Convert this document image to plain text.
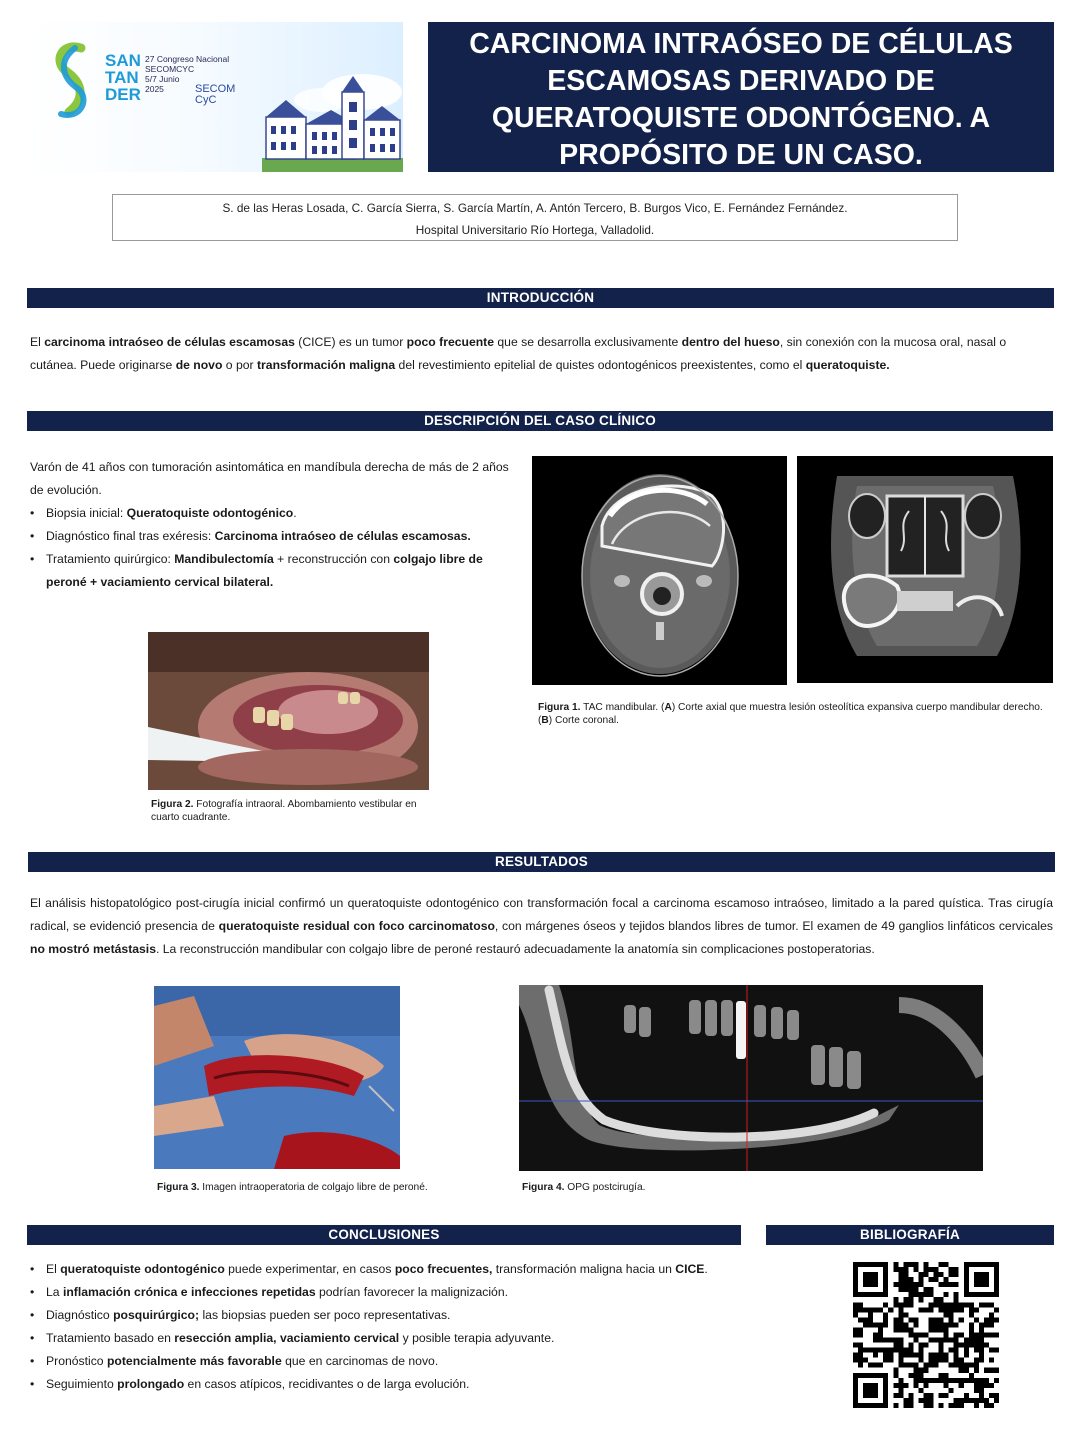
SAN
TAN
DER
27 Congreso Nacional
SECOMCYC
5/7 Junio
2025	SECOM
CyC
CARCINOMA INTRAÓSEO DE CÉLULAS ESCAMOSAS DERIVADO DE QUERATOQUISTE ODONTÓGENO. A PROPÓSITO DE UN CASO.
S. de las Heras Losada, C. García Sierra, S. García Martín, A. Antón Tercero, B. Burgos Vico, E. Fernández Fernández.
Hospital Universitario Río Hortega, Valladolid.
INTRODUCCIÓN
El carcinoma intraóseo de células escamosas (CICE) es un tumor poco frecuente que se desarrolla exclusivamente dentro del hueso, sin conexión con la mucosa oral, nasal o cutánea. Puede originarse de novo o por transformación maligna del revestimiento epitelial de quistes odontogénicos preexistentes, como el queratoquiste.
DESCRIPCIÓN DEL CASO CLÍNICO
Varón de 41 años con tumoración asintomática en mandíbula derecha de más de 2 años de evolución.
• Biopsia inicial: Queratoquiste odontogénico.
• Diagnóstico final tras exéresis: Carcinoma intraóseo de células escamosas.
• Tratamiento quirúrgico: Mandibulectomía + reconstrucción con colgajo libre de peroné + vaciamiento cervical bilateral.
Figura 1. TAC mandibular. (A) Corte axial que muestra lesión osteolítica expansiva cuerpo mandibular derecho. (B) Corte coronal.
Figura 2. Fotografía intraoral. Abombamiento vestibular en cuarto cuadrante.
RESULTADOS
El análisis histopatológico post-cirugía inicial confirmó un queratoquiste odontogénico con transformación focal a carcinoma escamoso intraóseo, limitado a la pared quística. Tras cirugía radical, se evidenció presencia de queratoquiste residual con foco carcinomatoso, con márgenes óseos y tejidos blandos libres de tumor. El examen de 49 ganglios linfáticos cervicales no mostró metástasis. La reconstrucción mandibular con colgajo libre de peroné restauró adecuadamente la anatomía sin complicaciones postoperatorias.
Figura 3. Imagen intraoperatoria de colgajo libre de peroné.	Figura 4. OPG postcirugía.
CONCLUSIONES
• El queratoquiste odontogénico puede experimentar, en casos poco frecuentes, transformación maligna hacia un CICE.
• La inflamación crónica e infecciones repetidas podrían favorecer la malignización.
• Diagnóstico posquirúrgico; las biopsias pueden ser poco representativas.
• Tratamiento basado en resección amplia, vaciamiento cervical y posible terapia adyuvante.
• Pronóstico potencialmente más favorable que en carcinomas de novo.
• Seguimiento prolongado en casos atípicos, recidivantes o de larga evolución.
BIBLIOGRAFÍA
